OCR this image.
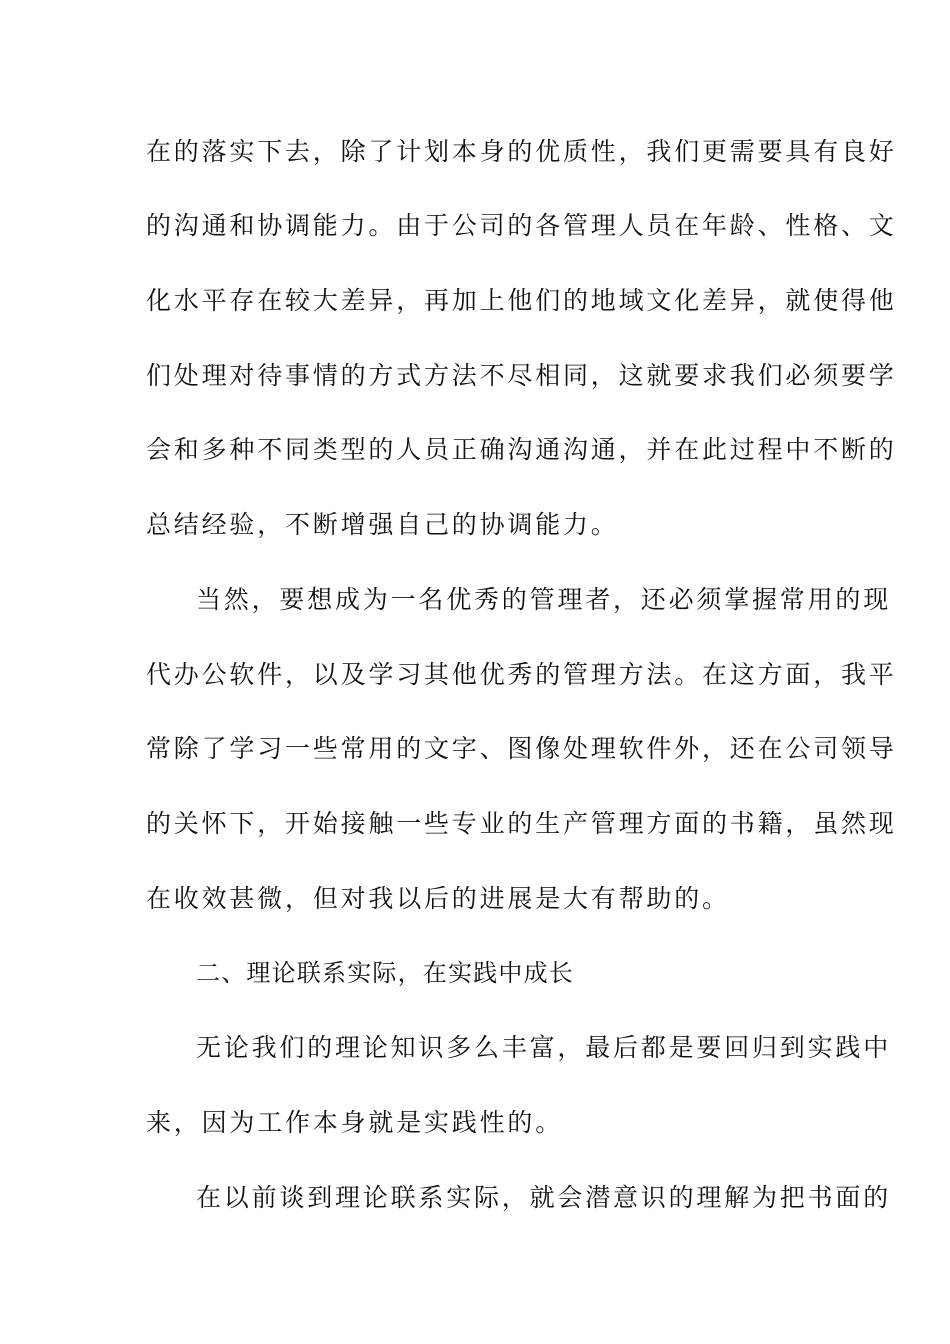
在的落实下去，除了计划本身的优质性，我们更需要具有良好
的沟通和协调能力。由于公司的各管理人员在年龄、性格、文
化水平存在较大差异，再加上他们的地域文化差异，就使得他
们处理对待事情的方式方法不尽相同，这就要求我们必须要学
会和多种不同类型的人员正确沟通沟通，并在此过程中不断的
总结经验，不断增强自己的协调能力。
当然，要想成为一名优秀的管理者，还必须掌握常用的现
代办公软件，以及学习其他优秀的管理方法。在这方面，我平
常除了学习一些常用的文字、图像处理软件外，还在公司领导
的关怀下，开始接触一些专业的生产管理方面的书籍，虽然现
在收效甚微，但对我以后的进展是大有帮助的。
二、理论联系实际，在实践中成长
无论我们的理论知识多么丰富，最后都是要回归到实践中
来，因为工作本身就是实践性的。
在以前谈到理论联系实际，就会潜意识的理解为把书面的
